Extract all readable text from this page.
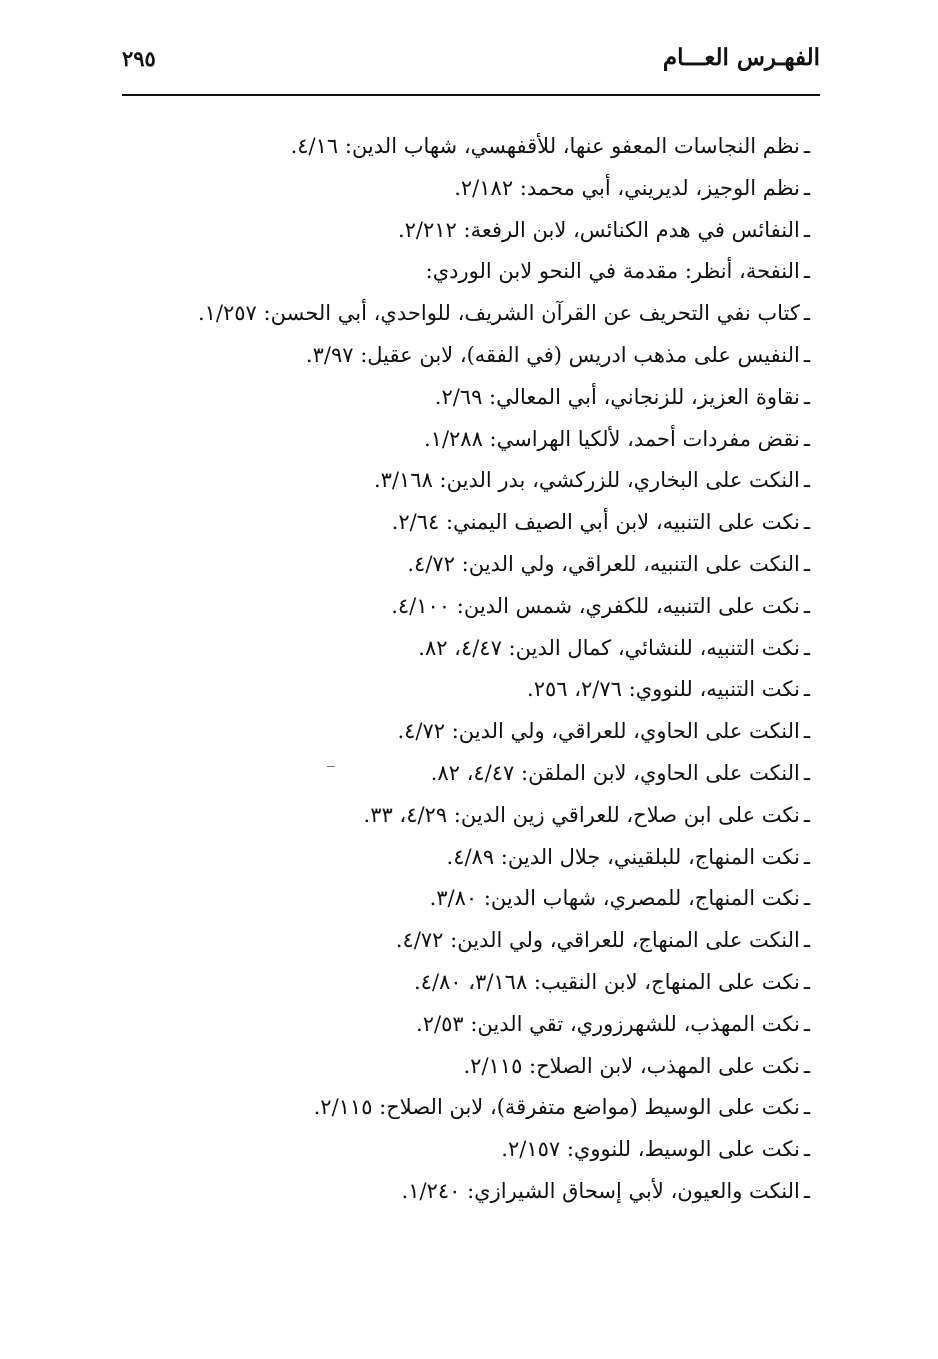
الفهـرس العـــام
٢٩٥
ـنظم النجاسات المعفو عنها، للأقفهسي، شهاب الدين: ٤/١٦.
ـنظم الوجيز، لديريني، أبي محمد: ٢/١٨٢.
ـالنفائس في هدم الكنائس، لابن الرفعة: ٢/٢١٢.
ـالنفحة، أنظر: مقدمة في النحو لابن الوردي:
ـكتاب نفي التحريف عن القرآن الشريف، للواحدي، أبي الحسن: ١/٢٥٧.
ـالنفيس على مذهب ادريس (في الفقه)، لابن عقيل: ٣/٩٧.
ـنقاوة العزيز، للزنجاني، أبي المعالي: ٢/٦٩.
ـنقض مفردات أحمد، لألكيا الهراسي: ١/٢٨٨.
ـالنكت على البخاري، للزركشي، بدر الدين: ٣/١٦٨.
ـنكت على التنبيه، لابن أبي الصيف اليمني: ٢/٦٤.
ـالنكت على التنبيه، للعراقي، ولي الدين: ٤/٧٢.
ـنكت على التنبيه، للكفري، شمس الدين: ٤/١٠٠.
ـنكت التنبيه، للنشائي، كمال الدين: ٤/٤٧، ٨٢.
ـنكت التنبيه، للنووي: ٢/٧٦، ٢٥٦.
ـالنكت على الحاوي، للعراقي، ولي الدين: ٤/٧٢.
ـالنكت على الحاوي، لابن الملقن: ٤/٤٧، ٨٢.
ـنكت على ابن صلاح، للعراقي زين الدين: ٤/٢٩، ٣٣.
ـنكت المنهاج، للبلقيني، جلال الدين: ٤/٨٩.
ـنكت المنهاج، للمصري، شهاب الدين: ٣/٨٠.
ـالنكت على المنهاج، للعراقي، ولي الدين: ٤/٧٢.
ـنكت على المنهاج، لابن النقيب: ٣/١٦٨، ٤/٨٠.
ـنكت المهذب، للشهرزوري، تقي الدين: ٢/٥٣.
ـنكت على المهذب، لابن الصلاح: ٢/١١٥.
ـنكت على الوسيط (مواضع متفرقة)، لابن الصلاح: ٢/١١٥.
ـنكت على الوسيط، للنووي: ٢/١٥٧.
ـالنكت والعيون، لأبي إسحاق الشيرازي: ١/٢٤٠.
